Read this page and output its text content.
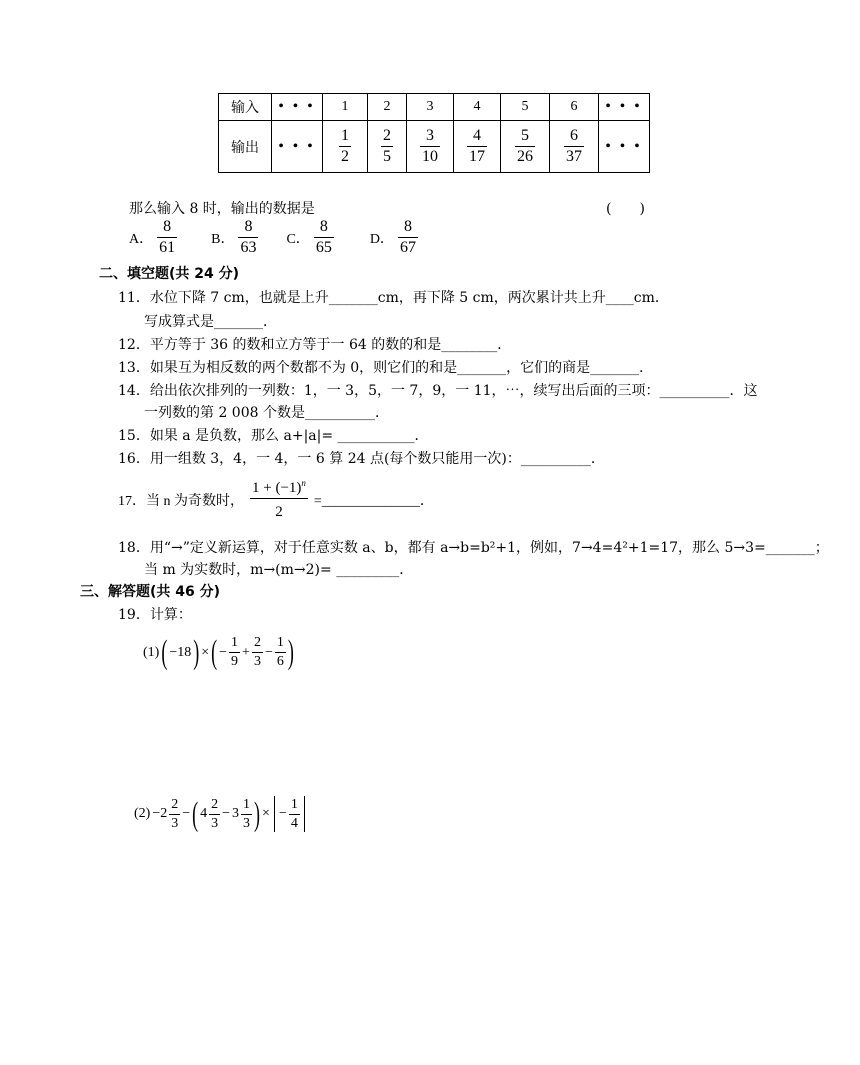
输入	• • •	1	2	3	4	5	6	• • •
输出	• • •	$\frac{1}{2}$	$\frac{2}{5}$	$\frac{3}{10}$	$\frac{4}{17}$	$\frac{5}{26}$	$\frac{6}{37}$	• • •
那么输入 8 时，输出的数据是	(　　)
A． $\frac{8}{61}$ B． $\frac{8}{63}$ C． $\frac{8}{65}$	D． $\frac{8}{67}$
二、填空题(共 24 分)
11．水位下降 7 cm，也就是上升_______cm，再下降 5 cm，两次累计共上升____cm．
写成算式是_______．
12．平方等于 36 的数和立方等于一 64 的数的和是________．
13．如果互为相反数的两个数都不为 0，则它们的和是_______，它们的商是_______．
14．给出依次排列的一列数：1，一 3，5，一 7，9，一 11，⋯，续写出后面的三项：__________．这
一列数的第 2 008 个数是__________．
15．如果 a 是负数，那么 a+|a|= ___________．
16．用一组数 3，4，一 4，一 6 算 24 点(每个数只能用一次)：__________．
17．当 n 为奇数时， $\frac{1 + (-1)^n}{2}$ =______________．
18．用“→”定义新运算，对于任意实数 a、b，都有 a→b=b²+1，例如，7→4=4²+1=17，那么 5→3=_______；
当 m 为实数时，m→(m→2)= _________．
三、解答题(共 46 分)
19．计算：
(1) ( −18 ) × ( − $\frac{1}{9} + \frac{2}{3} - \frac{1}{6}$ )
$(2) -2 \frac{2}{3}$ − ( $4 \frac{2}{3} - 3 \frac{1}{3}$ ) × − $\frac{1}{4}$
